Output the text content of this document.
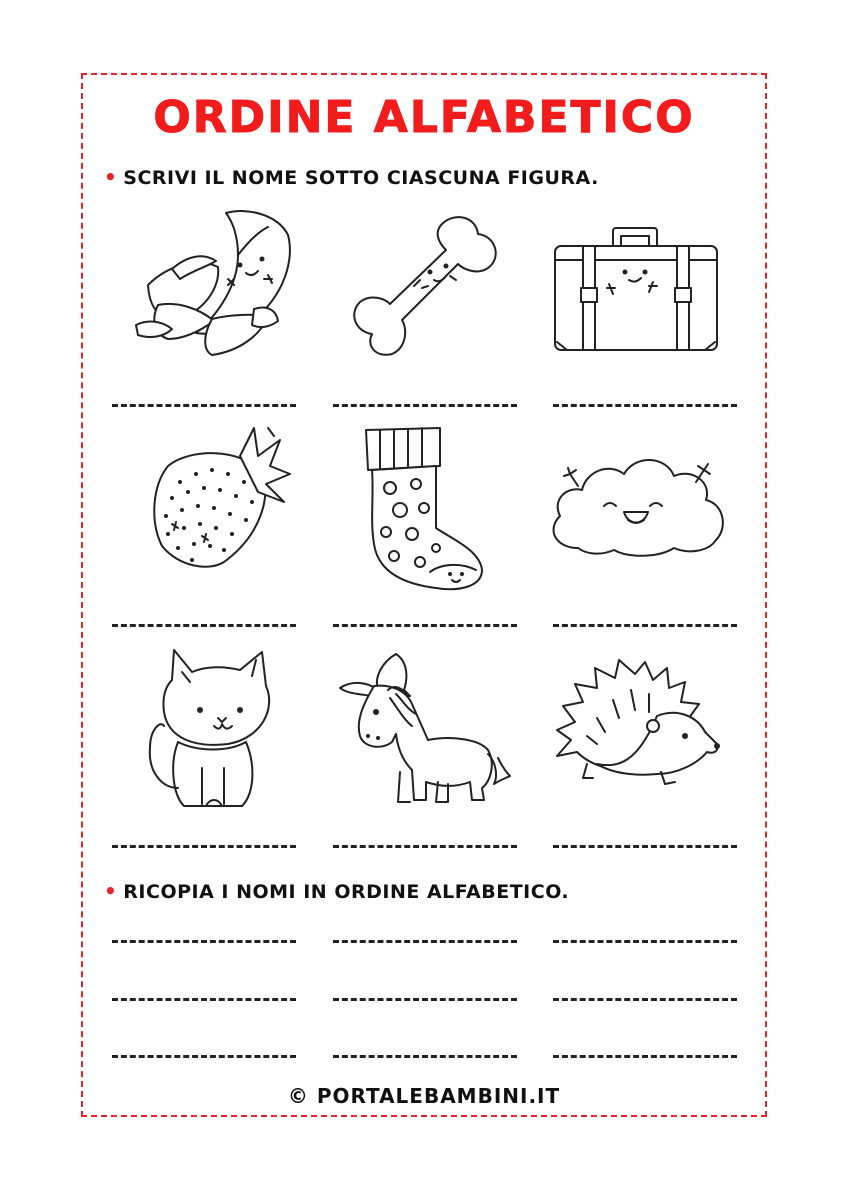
ORDINE ALFABETICO
• SCRIVI IL NOME SOTTO CIASCUNA FIGURA.
• RICOPIA I NOMI IN ORDINE ALFABETICO.
© PORTALEBAMBINI.IT
